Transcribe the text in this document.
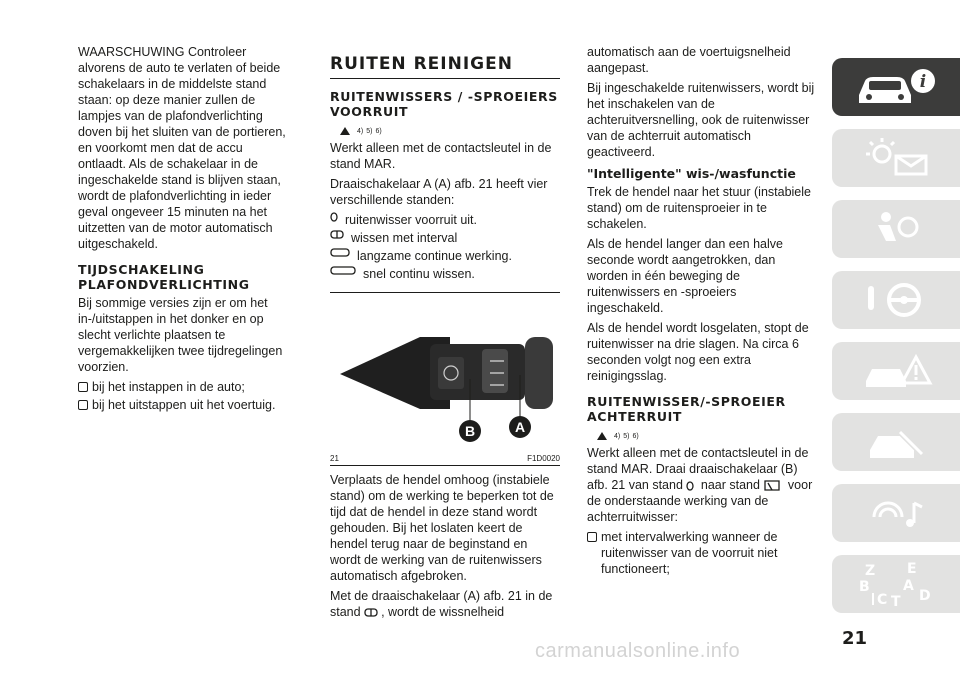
WAARSCHUWING Controleer alvorens de auto te verlaten of beide schakelaars in de middelste stand staan: op deze manier zullen de lampjes van de plafondverlichting doven bij het sluiten van de portieren, en voorkomt men dat de accu ontlaadt. Als de schakelaar in de ingeschakelde stand is blijven staan, wordt de plafondverlichting in ieder geval ongeveer 15 minuten na het uitzetten van de motor automatisch uitgeschakeld.

TIJDSCHAKELING PLAFONDVERLICHTING

Bij sommige versies zijn er om het in-/uitstappen in het donker en op slecht verlichte plaatsen te vergemakkelijken twee tijdregelingen voorzien.

bij het instappen in de auto;
bij het uitstappen uit het voertuig.
RUITEN REINIGEN
RUITENWISSERS / -SPROEIERS VOORRUIT
4) 5) 6)

Werkt alleen met de contactsleutel in de stand MAR.

Draaischakelaar A (A) afb. 21 heeft vier verschillende standen:

ruitenwisser voorruit uit.
wissen met interval
langzame continue werking.
snel continu wissen.
B	A
21	F1D0020

Verplaats de hendel omhoog (instabiele stand) om de werking te beperken tot de tijd dat de hendel in deze stand wordt gehouden. Bij het loslaten keert de hendel terug naar de beginstand en wordt de werking van de ruitenwissers automatisch afgebroken.

Met de draaischakelaar (A) afb. 21 in de stand , wordt de wissnelheid

automatisch aan de voertuigsnelheid aangepast.

Bij ingeschakelde ruitenwissers, wordt bij het inschakelen van de achteruitversnelling, ook de ruitenwisser van de achterruit automatisch geactiveerd.

"Intelligente" wis-/wasfunctie

Trek de hendel naar het stuur (instabiele stand) om de ruitensproeier in te schakelen.

Als de hendel langer dan een halve seconde wordt aangetrokken, dan worden in één beweging de ruitenwissers en -sproeiers ingeschakeld.

Als de hendel wordt losgelaten, stopt de ruitenwisser na drie slagen. Na circa 6 seconden volgt nog een extra reinigingsslag.

RUITENWISSER/-SPROEIER ACHTERRUIT
4) 5) 6)

Werkt alleen met de contactsleutel in de stand MAR. Draai draaischakelaar (B) afb. 21 van stand naar stand voor de onderstaande werking van de achterruitwisser:

met intervalwerking wanneer de ruitenwisser van de voorruit niet functioneert;
i
Z E
B A
C T D
21
carmanualsonline.info
